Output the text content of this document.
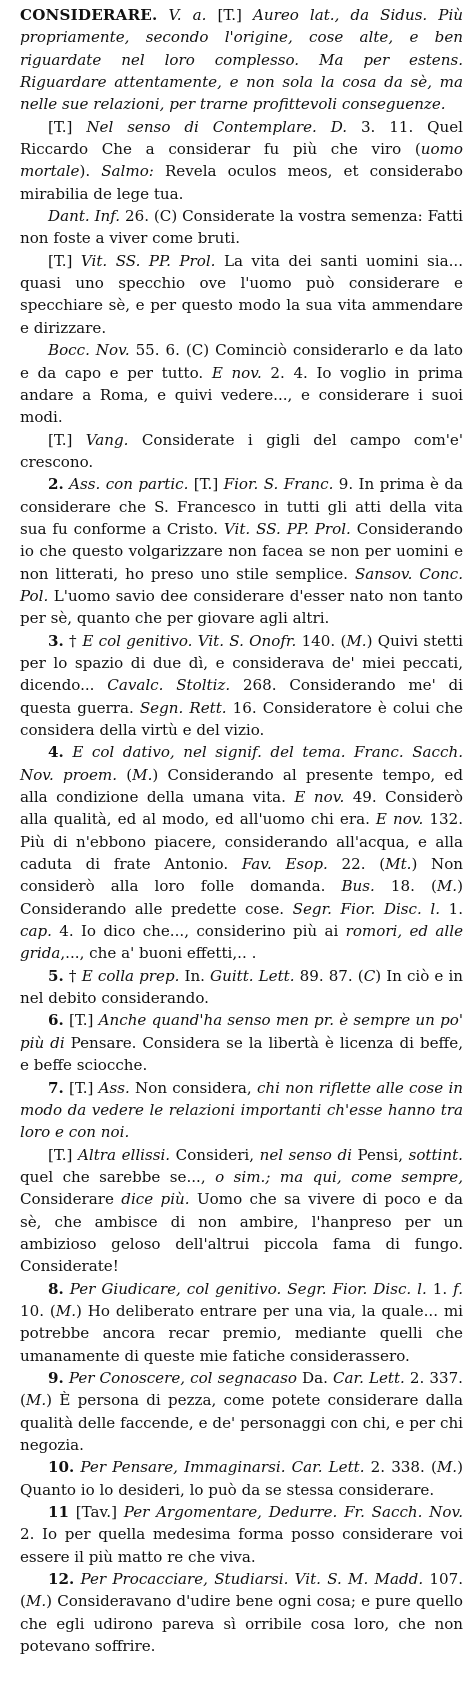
CONSIDERARE. V. a. [T.] Aureo lat., da Sidus. Più propriamente, secondo l'origine, cose alte, e ben riguardate nel loro complesso. Ma per estens. Riguardare attentamente, e non sola la cosa da sè, ma nelle sue relazioni, per trarne profittevoli conseguenze.

[T.] Nel senso di Contemplare. D. 3. 11. Quel Riccardo Che a considerar fu più che viro (uomo mortale). Salmo: Revela oculos meos, et considerabo mirabilia de lege tua.

Dant. Inf. 26. (C) Considerate la vostra semenza: Fatti non foste a viver come bruti.

[T.] Vit. SS. PP. Prol. La vita dei santi uomini sia... quasi uno specchio ove l'uomo può considerare e specchiare sè, e per questo modo la sua vita ammendare e dirizzare.

Bocc. Nov. 55. 6. (C) Cominciò considerarlo e da lato e da capo e per tutto. E nov. 2. 4. Io voglio in prima andare a Roma, e quivi vedere..., e considerare i suoi modi.

[T.] Vang. Considerate i gigli del campo com'e' crescono.

2. Ass. con partic. [T.] Fior. S. Franc. 9. In prima è da considerare che S. Francesco in tutti gli atti della vita sua fu conforme a Cristo. Vit. SS. PP. Prol. Considerando io che questo volgarizzare non facea se non per uomini e non litterati, ho preso uno stile semplice. Sansov. Conc. Pol. L'uomo savio dee considerare d'esser nato non tanto per sè, quanto che per giovare agli altri.

3. † E col genitivo. Vit. S. Onofr. 140. (M.) Quivi stetti per lo spazio di due dì, e considerava de' miei peccati, dicendo... Cavalc. Stoltiz. 268. Considerando me' di questa guerra. Segn. Rett. 16. Consideratore è colui che considera della virtù e del vizio.

4. E col dativo, nel signif. del tema. Franc. Sacch. Nov. proem. (M.) Considerando al presente tempo, ed alla condizione della umana vita. E nov. 49. Considerò alla qualità, ed al modo, ed all'uomo chi era. E nov. 132. Più di n'ebbono piacere, considerando all'acqua, e alla caduta di frate Antonio. Fav. Esop. 22. (Mt.) Non considerò alla loro folle domanda. Bus. 18. (M.) Considerando alle predette cose. Segr. Fior. Disc. l. 1. cap. 4. Io dico che..., considerino più ai romori, ed alle grida,..., che a' buoni effetti,.. .

5. † E colla prep. In. Guitt. Lett. 89. 87. (C) In ciò e in nel debito considerando.

6. [T.] Anche quand'ha senso men pr. è sempre un po' più di Pensare. Considera se la libertà è licenza di beffe, e beffe sciocche.

7. [T.] Ass. Non considera, chi non riflette alle cose in modo da vedere le relazioni importanti ch'esse hanno tra loro e con noi.

[T.] Altra ellissi. Consideri, nel senso di Pensi, sottint. quel che sarebbe se..., o sim.; ma qui, come sempre, Considerare dice più. Uomo che sa vivere di poco e da sè, che ambisce di non ambire, l'hanpreso per un ambizioso geloso dell'altrui piccola fama di fungo. Considerate!

8. Per Giudicare, col genitivo. Segr. Fior. Disc. l. 1. f. 10. (M.) Ho deliberato entrare per una via, la quale... mi potrebbe ancora recar premio, mediante quelli che umanamente di queste mie fatiche considerassero.

9. Per Conoscere, col segnacaso Da. Car. Lett. 2. 337. (M.) È persona di pezza, come potete considerare dalla qualità delle faccende, e de' personaggi con chi, e per chi negozia.

10. Per Pensare, Immaginarsi. Car. Lett. 2. 338. (M.) Quanto io lo desideri, lo può da se stessa considerare.

11 [Tav.] Per Argomentare, Dedurre. Fr. Sacch. Nov. 2. Io per quella medesima forma posso considerare voi essere il più matto re che viva.

12. Per Procacciare, Studiarsi. Vit. S. M. Madd. 107. (M.) Consideravano d'udire bene ogni cosa; e pure quello che egli udirono pareva sì orribile cosa loro, che non potevano soffrire.
